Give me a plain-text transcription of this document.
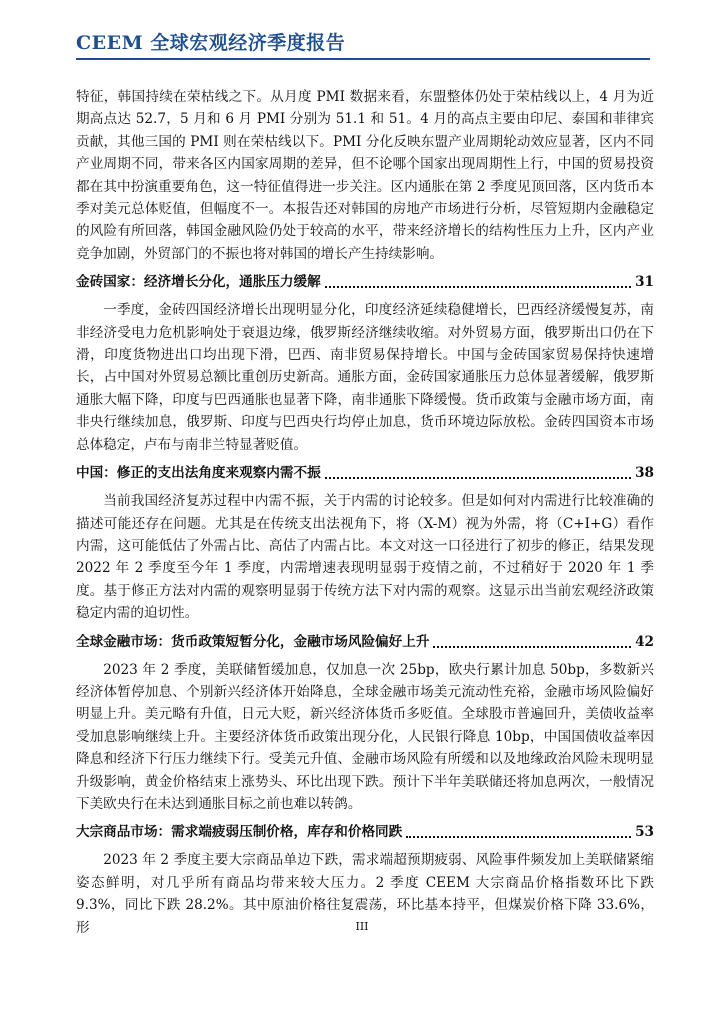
CEEM 全球宏观经济季度报告

特征，韩国持续在荣枯线之下。从月度 PMI 数据来看，东盟整体仍处于荣枯线以上，4 月为近期高点达 52.7，5 月和 6 月 PMI 分别为 51.1 和 51。4 月的高点主要由印尼、泰国和菲律宾贡献，其他三国的 PMI 则在荣枯线以下。PMI 分化反映东盟产业周期轮动效应显著，区内不同产业周期不同，带来各区内国家周期的差异，但不论哪个国家出现周期性上行，中国的贸易投资都在其中扮演重要角色，这一特征值得进一步关注。区内通胀在第 2 季度见顶回落，区内货币本季对美元总体贬值，但幅度不一。本报告还对韩国的房地产市场进行分析，尽管短期内金融稳定的风险有所回落，韩国金融风险仍处于较高的水平，带来经济增长的结构性压力上升，区内产业竞争加剧，外贸部门的不振也将对韩国的增长产生持续影响。

金砖国家：经济增长分化，通胀压力缓解	31

一季度，金砖四国经济增长出现明显分化，印度经济延续稳健增长，巴西经济缓慢复苏，南非经济受电力危机影响处于衰退边缘，俄罗斯经济继续收缩。对外贸易方面，俄罗斯出口仍在下滑，印度货物进出口均出现下滑，巴西、南非贸易保持增长。中国与金砖国家贸易保持快速增长，占中国对外贸易总额比重创历史新高。通胀方面，金砖国家通胀压力总体显著缓解，俄罗斯通胀大幅下降，印度与巴西通胀也显著下降，南非通胀下降缓慢。货币政策与金融市场方面，南非央行继续加息，俄罗斯、印度与巴西央行均停止加息，货币环境边际放松。金砖四国资本市场总体稳定，卢布与南非兰特显著贬值。

中国：修正的支出法角度来观察内需不振	38

当前我国经济复苏过程中内需不振，关于内需的讨论较多。但是如何对内需进行比较准确的描述可能还存在问题。尤其是在传统支出法视角下，将（X-M）视为外需，将（C+I+G）看作内需，这可能低估了外需占比、高估了内需占比。本文对这一口径进行了初步的修正，结果发现 2022 年 2 季度至今年 1 季度，内需增速表现明显弱于疫情之前，不过稍好于 2020 年 1 季度。基于修正方法对内需的观察明显弱于传统方法下对内需的观察。这显示出当前宏观经济政策稳定内需的迫切性。

全球金融市场：货币政策短暂分化，金融市场风险偏好上升	42

2023 年 2 季度，美联储暂缓加息，仅加息一次 25bp，欧央行累计加息 50bp，多数新兴经济体暂停加息、个别新兴经济体开始降息，全球金融市场美元流动性充裕，金融市场风险偏好明显上升。美元略有升值，日元大贬，新兴经济体货币多贬值。全球股市普遍回升，美债收益率受加息影响继续上升。主要经济体货币政策出现分化，人民银行降息 10bp，中国国债收益率因降息和经济下行压力继续下行。受美元升值、金融市场风险有所缓和以及地缘政治风险未现明显升级影响，黄金价格结束上涨势头、环比出现下跌。预计下半年美联储还将加息两次，一般情况下美欧央行在未达到通胀目标之前也难以转鸽。

大宗商品市场：需求端疲弱压制价格，库存和价格同跌	53

2023 年 2 季度主要大宗商品单边下跌，需求端超预期疲弱、风险事件频发加上美联储紧缩姿态鲜明，对几乎所有商品均带来较大压力。2 季度 CEEM 大宗商品价格指数环比下跌 9.3%，同比下跌 28.2%。其中原油价格往复震荡，环比基本持平，但煤炭价格下降 33.6%，形	III
